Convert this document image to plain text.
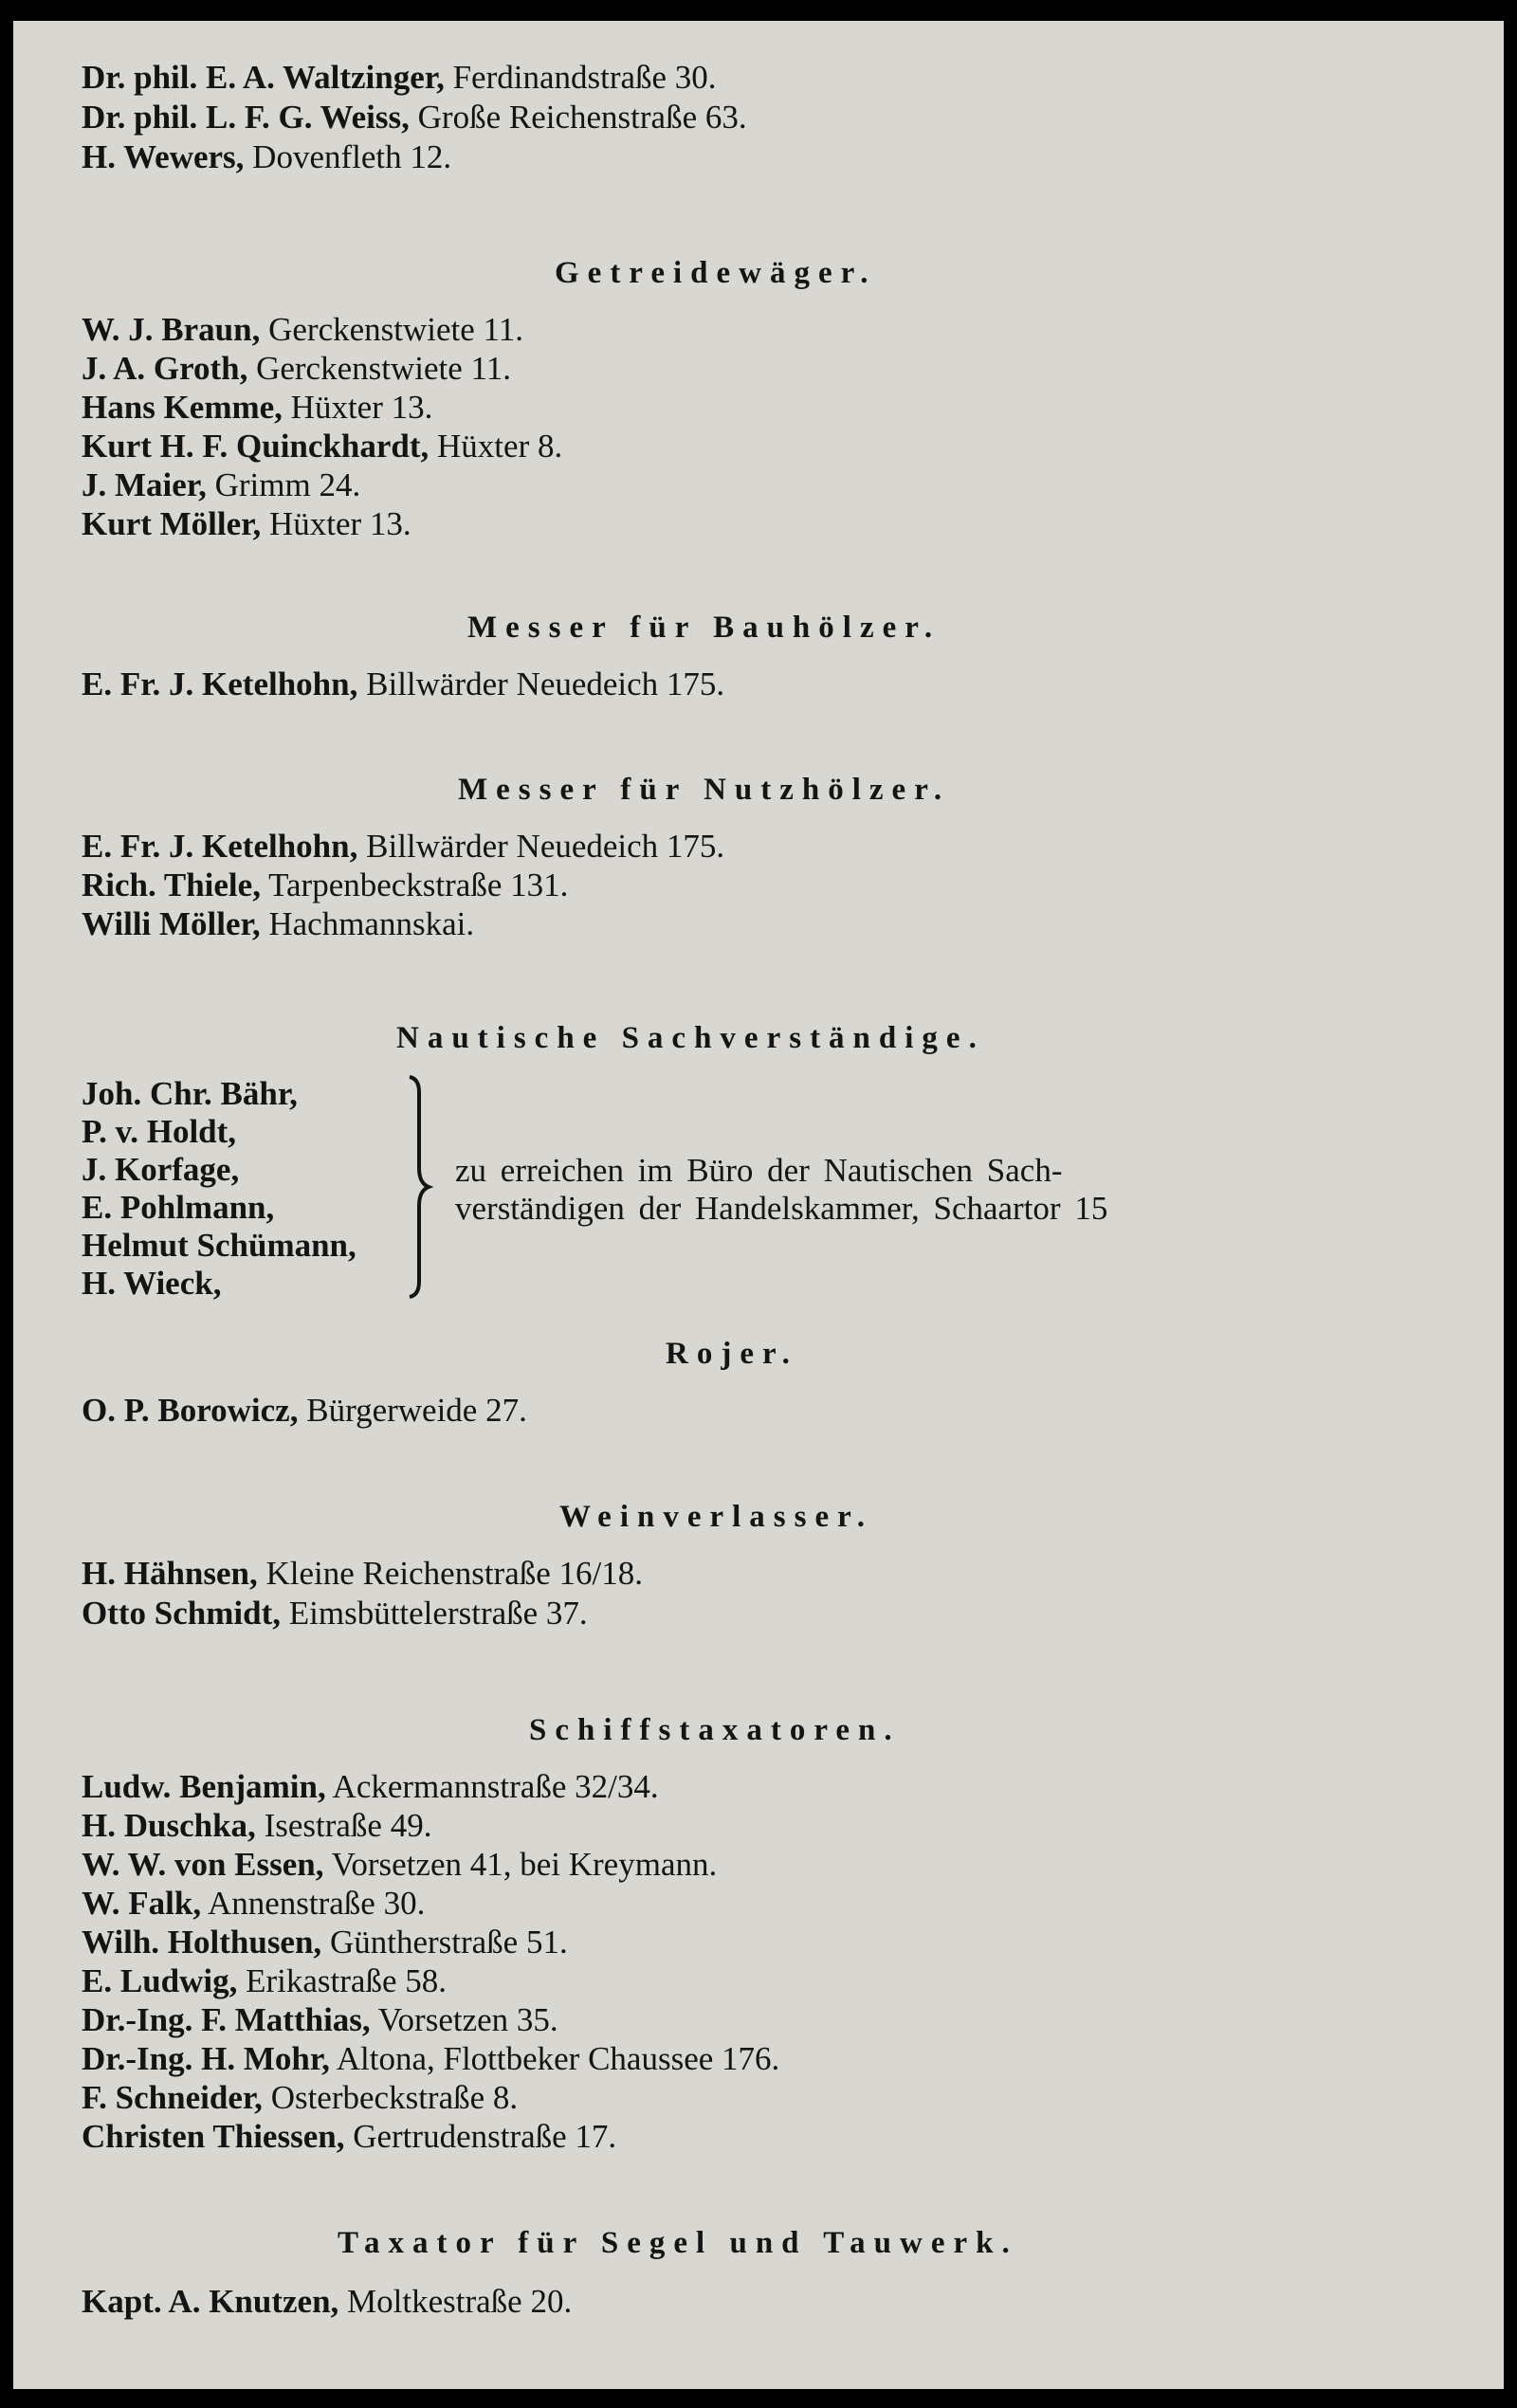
Dr. phil. E. A. Waltzinger, Ferdinandstraße 30.
Dr. phil. L. F. G. Weiss, Große Reichenstraße 63.
H. Wewers, Dovenfleth 12.
Getreidewäger.
W. J. Braun, Gerckenstwiete 11.
J. A. Groth, Gerckenstwiete 11.
Hans Kemme, Hüxter 13.
Kurt H. F. Quinckhardt, Hüxter 8.
J. Maier, Grimm 24.
Kurt Möller, Hüxter 13.
Messer für Bauhölzer.
E. Fr. J. Ketelhohn, Billwärder Neuedeich 175.
Messer für Nutzhölzer.
E. Fr. J. Ketelhohn, Billwärder Neuedeich 175.
Rich. Thiele, Tarpenbeckstraße 131.
Willi Möller, Hachmannskai.
Nautische Sachverständige.
Joh. Chr. Bähr,
P. v. Holdt,
J. Korfage,
E. Pohlmann,
Helmut Schümann,
H. Wieck,
zu erreichen im Büro der Nautischen Sach-
verständigen der Handelskammer, Schaartor 15
Rojer.
O. P. Borowicz, Bürgerweide 27.
Weinverlasser.
H. Hähnsen, Kleine Reichenstraße 16/18.
Otto Schmidt, Eimsbüttelerstraße 37.
Schiffstaxatoren.
Ludw. Benjamin, Ackermannstraße 32/34.
H. Duschka, Isestraße 49.
W. W. von Essen, Vorsetzen 41, bei Kreymann.
W. Falk, Annenstraße 30.
Wilh. Holthusen, Güntherstraße 51.
E. Ludwig, Erikastraße 58.
Dr.-Ing. F. Matthias, Vorsetzen 35.
Dr.-Ing. H. Mohr, Altona, Flottbeker Chaussee 176.
F. Schneider, Osterbeckstraße 8.
Christen Thiessen, Gertrudenstraße 17.
Taxator für Segel und Tauwerk.
Kapt. A. Knutzen, Moltkestraße 20.
